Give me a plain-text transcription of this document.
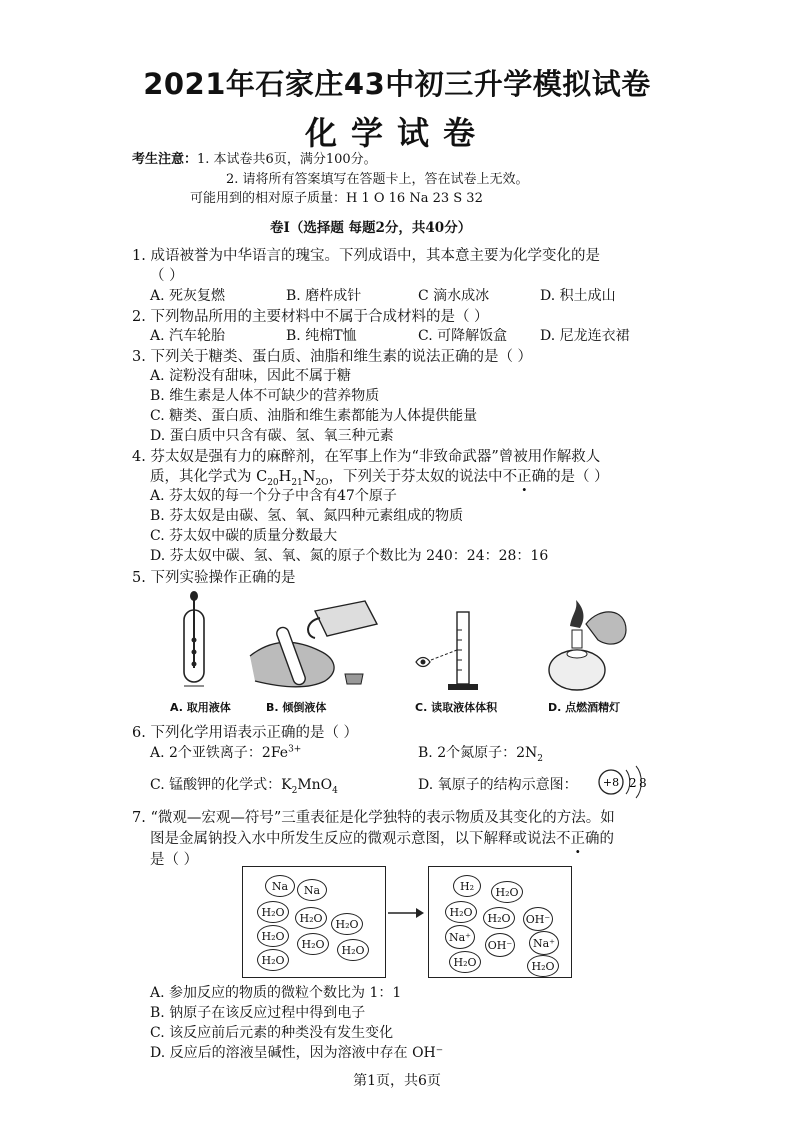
2021年石家庄43中初三升学模拟试卷
化学试卷
考生注意：1. 本试卷共6页，满分100分。
2. 请将所有答案填写在答题卡上，答在试卷上无效。
可能用到的相对原子质量：H 1 O 16 Na 23 S 32
卷Ⅰ（选择题 每题2分，共40分）
1. 成语被誉为中华语言的瑰宝。下列成语中，其本意主要为化学变化的是
（ ）
A. 死灰复燃	B. 磨杵成针	C 滴水成冰	D. 积土成山
2. 下列物品所用的主要材料中不属于合成材料的是（ ）
A. 汽车轮胎	B. 纯棉T恤	C. 可降解饭盒 D. 尼龙连衣裙
3. 下列关于糖类、蛋白质、油脂和维生素的说法正确的是（ ）
A. 淀粉没有甜味，因此不属于糖
B. 维生素是人体不可缺少的营养物质
C. 糖类、蛋白质、油脂和维生素都能为人体提供能量
D. 蛋白质中只含有碳、氢、氧三种元素
4. 芬太奴是强有力的麻醉剂，在军事上作为“非致命武器”曾被用作解救人
质，其化学式为 $C_{20}H_{21}N_{2O}$，下列关于芬太奴的说法中不正确的是（ ）
A. 芬太奴的每一个分子中含有47个原子
B. 芬太奴是由碳、氢、氧、氮四种元素组成的物质
C. 芬太奴中碳的质量分数最大
D. 芬太奴中碳、氢、氧、氮的原子个数比为 240：24：28：16
5. 下列实验操作正确的是
A. 取用液体	B. 倾倒液体	C. 读取液体体积	D. 点燃酒精灯
6. 下列化学用语表示正确的是（ ）
A. 2个亚铁离子：$2Fe^{3+}$	B. 2个氮原子：$2N_2$
C. 锰酸钾的化学式：$K_2MnO_4$	D. 氧原子的结构示意图： +8 2 8
7. “微观—宏观—符号”三重表征是化学独特的表示物质及其变化的方法。如
图是金属钠投入水中所发生反应的微观示意图，以下解释或说法不正确的
是（ ）
Na	Na
H₂O	H₂O	H₂O
H₂O
H₂O	H₂O
H₂O
H₂	H₂O
H₂O	H₂O	OH⁻
Na⁺
OH⁻	Na⁺
H₂O	H₂O
A. 参加反应的物质的微粒个数比为 1：1
B. 钠原子在该反应过程中得到电子
C. 该反应前后元素的种类没有发生变化
D. 反应后的溶液呈碱性，因为溶液中存在 OH⁻
第1页，共6页
